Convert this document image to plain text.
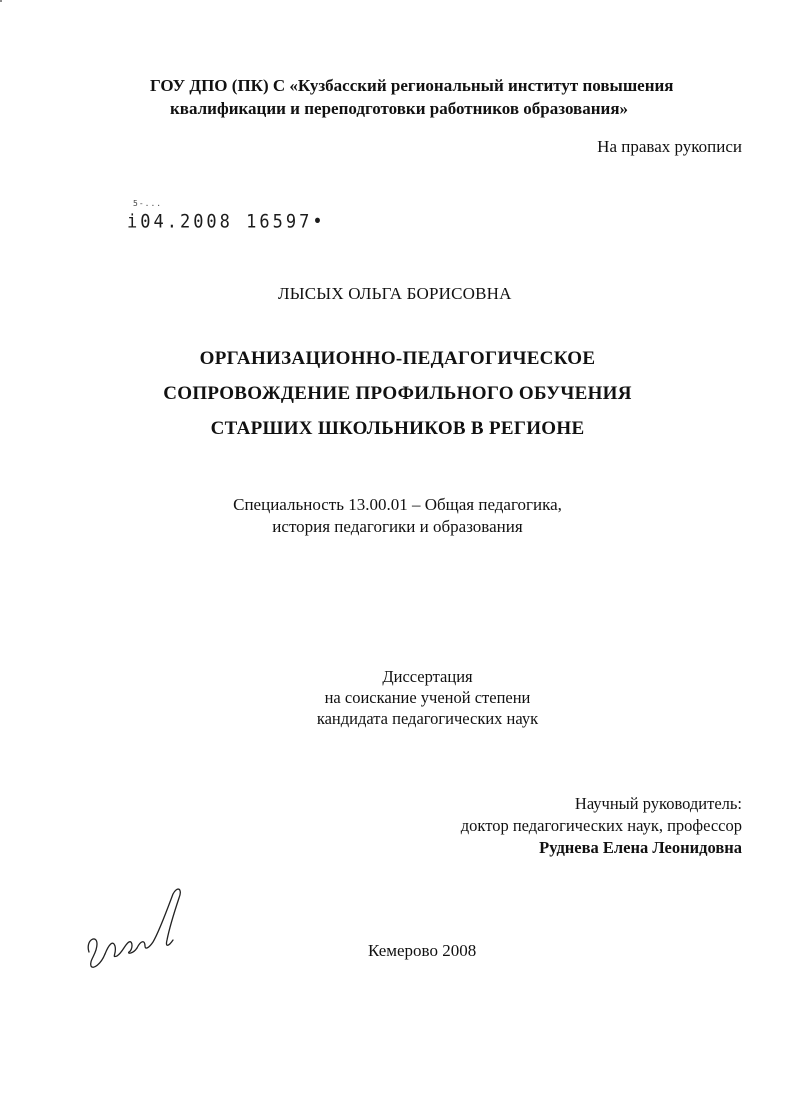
ГОУ ДПО (ПК) С «Кузбасский региональный институт повышения
квалификации и переподготовки работников образования»
На правах рукописи
5-...
і04.2008 16597•
ЛЫСЫХ ОЛЬГА БОРИСОВНА
ОРГАНИЗАЦИОННО-ПЕДАГОГИЧЕСКОЕ
СОПРОВОЖДЕНИЕ ПРОФИЛЬНОГО ОБУЧЕНИЯ
СТАРШИХ ШКОЛЬНИКОВ В РЕГИОНЕ
Специальность 13.00.01 – Общая педагогика,
история педагогики и образования
Диссертация
на соискание ученой степени
кандидата педагогических наук
Научный руководитель:
доктор педагогических наук, профессор
Руднева Елена Леонидовна
Кемерово 2008
